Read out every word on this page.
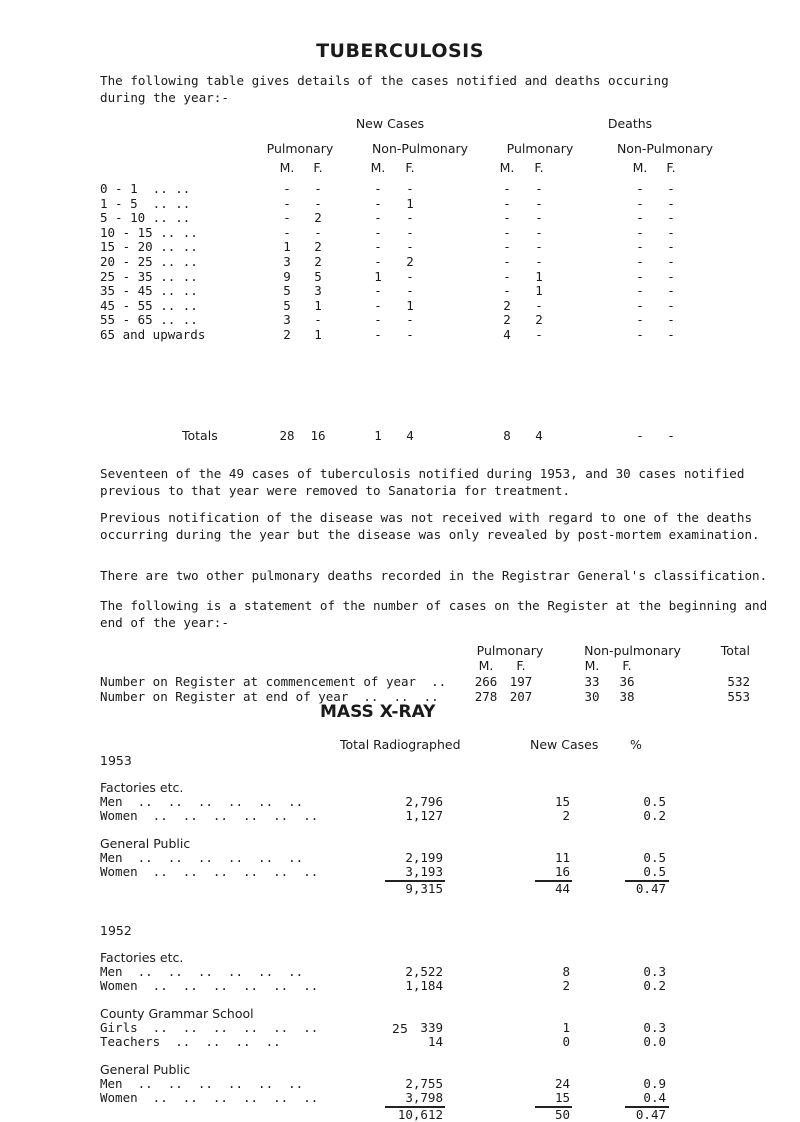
TUBERCULOSIS
The following table gives details of the cases notified and deaths occuring during the year:-
New Cases	Deaths
Pulmonary	Non-Pulmonary	Pulmonary	Non-Pulmonary
M.	F.	M.	F.	M.	F.	M.	F.
0 - 1  .. ..	-	-	-	-	-	-	-	-
1 - 5  .. ..	-	-	-	1	-	-	-	-
5 - 10 .. ..	-	2	-	-	-	-	-	-
10 - 15 .. ..	-	-	-	-	-	-	-	-
15 - 20 .. ..	1	2	-	-	-	-	-	-
20 - 25 .. ..	3	2	-	2	-	-	-	-
25 - 35 .. ..	9	5	1	-	-	1	-	-
35 - 45 .. ..	5	3	-	-	-	1	-	-
45 - 55 .. ..	5	1	-	1	2	-	-	-
55 - 65 .. ..	3	-	-	-	2	2	-	-
65 and upwards	2	1	-	-	4	-	-	-
Totals	28	16	1	4	8	4	-	-
Seventeen of the 49 cases of tuberculosis notified during 1953, and 30 cases notified previous to that year were removed to Sanatoria for treatment.
Previous notification of the disease was not received with regard to one of the deaths occurring during the year but the disease was only revealed by post-mortem examination.
There are two other pulmonary deaths recorded in the Registrar General's classification.
The following is a statement of the number of cases on the Register at the beginning and end of the year:-
Pulmonary	Non-pulmonary	Total
M.	F.	M.	F.
Number on Register at commencement of year  ..	266 197	33	36	532
Number on Register at end of year  ..  ..  ..	278 207	30	38	553
MASS X-RAY
Total Radiographed	New Cases	%
1953
Factories etc.
Men  ..  ..  ..  ..  ..  ..	2,796	15	0.5
Women  ..  ..  ..  ..  ..  ..	1,127	2	0.2
General Public
Men  ..  ..  ..  ..  ..  ..	2,199	11	0.5
Women  ..  ..  ..  ..  ..  ..	3,193	16	0.5
9,315	44	0.47
1952
Factories etc.
Men  ..  ..  ..  ..  ..  ..	2,522	8	0.3
Women  ..  ..  ..  ..  ..  ..	1,184	2	0.2
County Grammar School
Girls  ..  ..  ..  ..  ..  ..	339	1	0.3
Teachers  ..  ..  ..  ..	14	0	0.0
General Public
Men  ..  ..  ..  ..  ..  ..	2,755	24	0.9
Women  ..  ..  ..  ..  ..  ..	3,798	15	0.4
10,612	50	0.47
25
